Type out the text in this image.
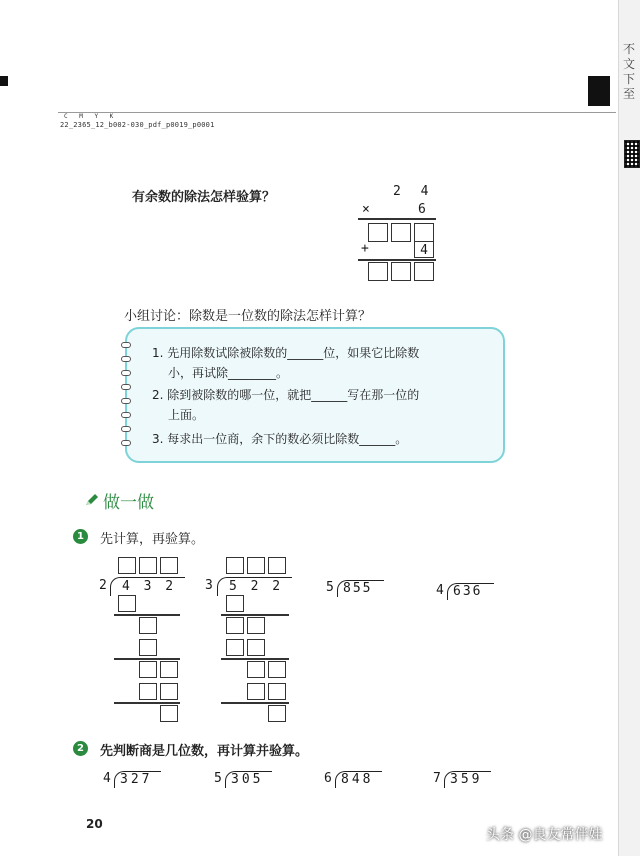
不 文 下 至
C M Y K
22_2365_12_b002-030_pdf_p0019_p0001
有余数的除法怎样验算？	2 4
×	6
+	4
小组讨论：除数是一位数的除法怎样计算？
1. 先用除数试除被除数的______位，如果它比除数
小，再试除________。
2. 除到被除数的哪一位，就把______写在那一位的
上面。
3. 每求出一位商，余下的数必须比除数______。
做一做
1	先计算，再验算。
2 4 3 2 3 5 2 2	5 855	4 636
2	先判断商是几位数，再计算并验算。
4 327	5 305	6 848	7 359
20
头条 @良友常伴娃
